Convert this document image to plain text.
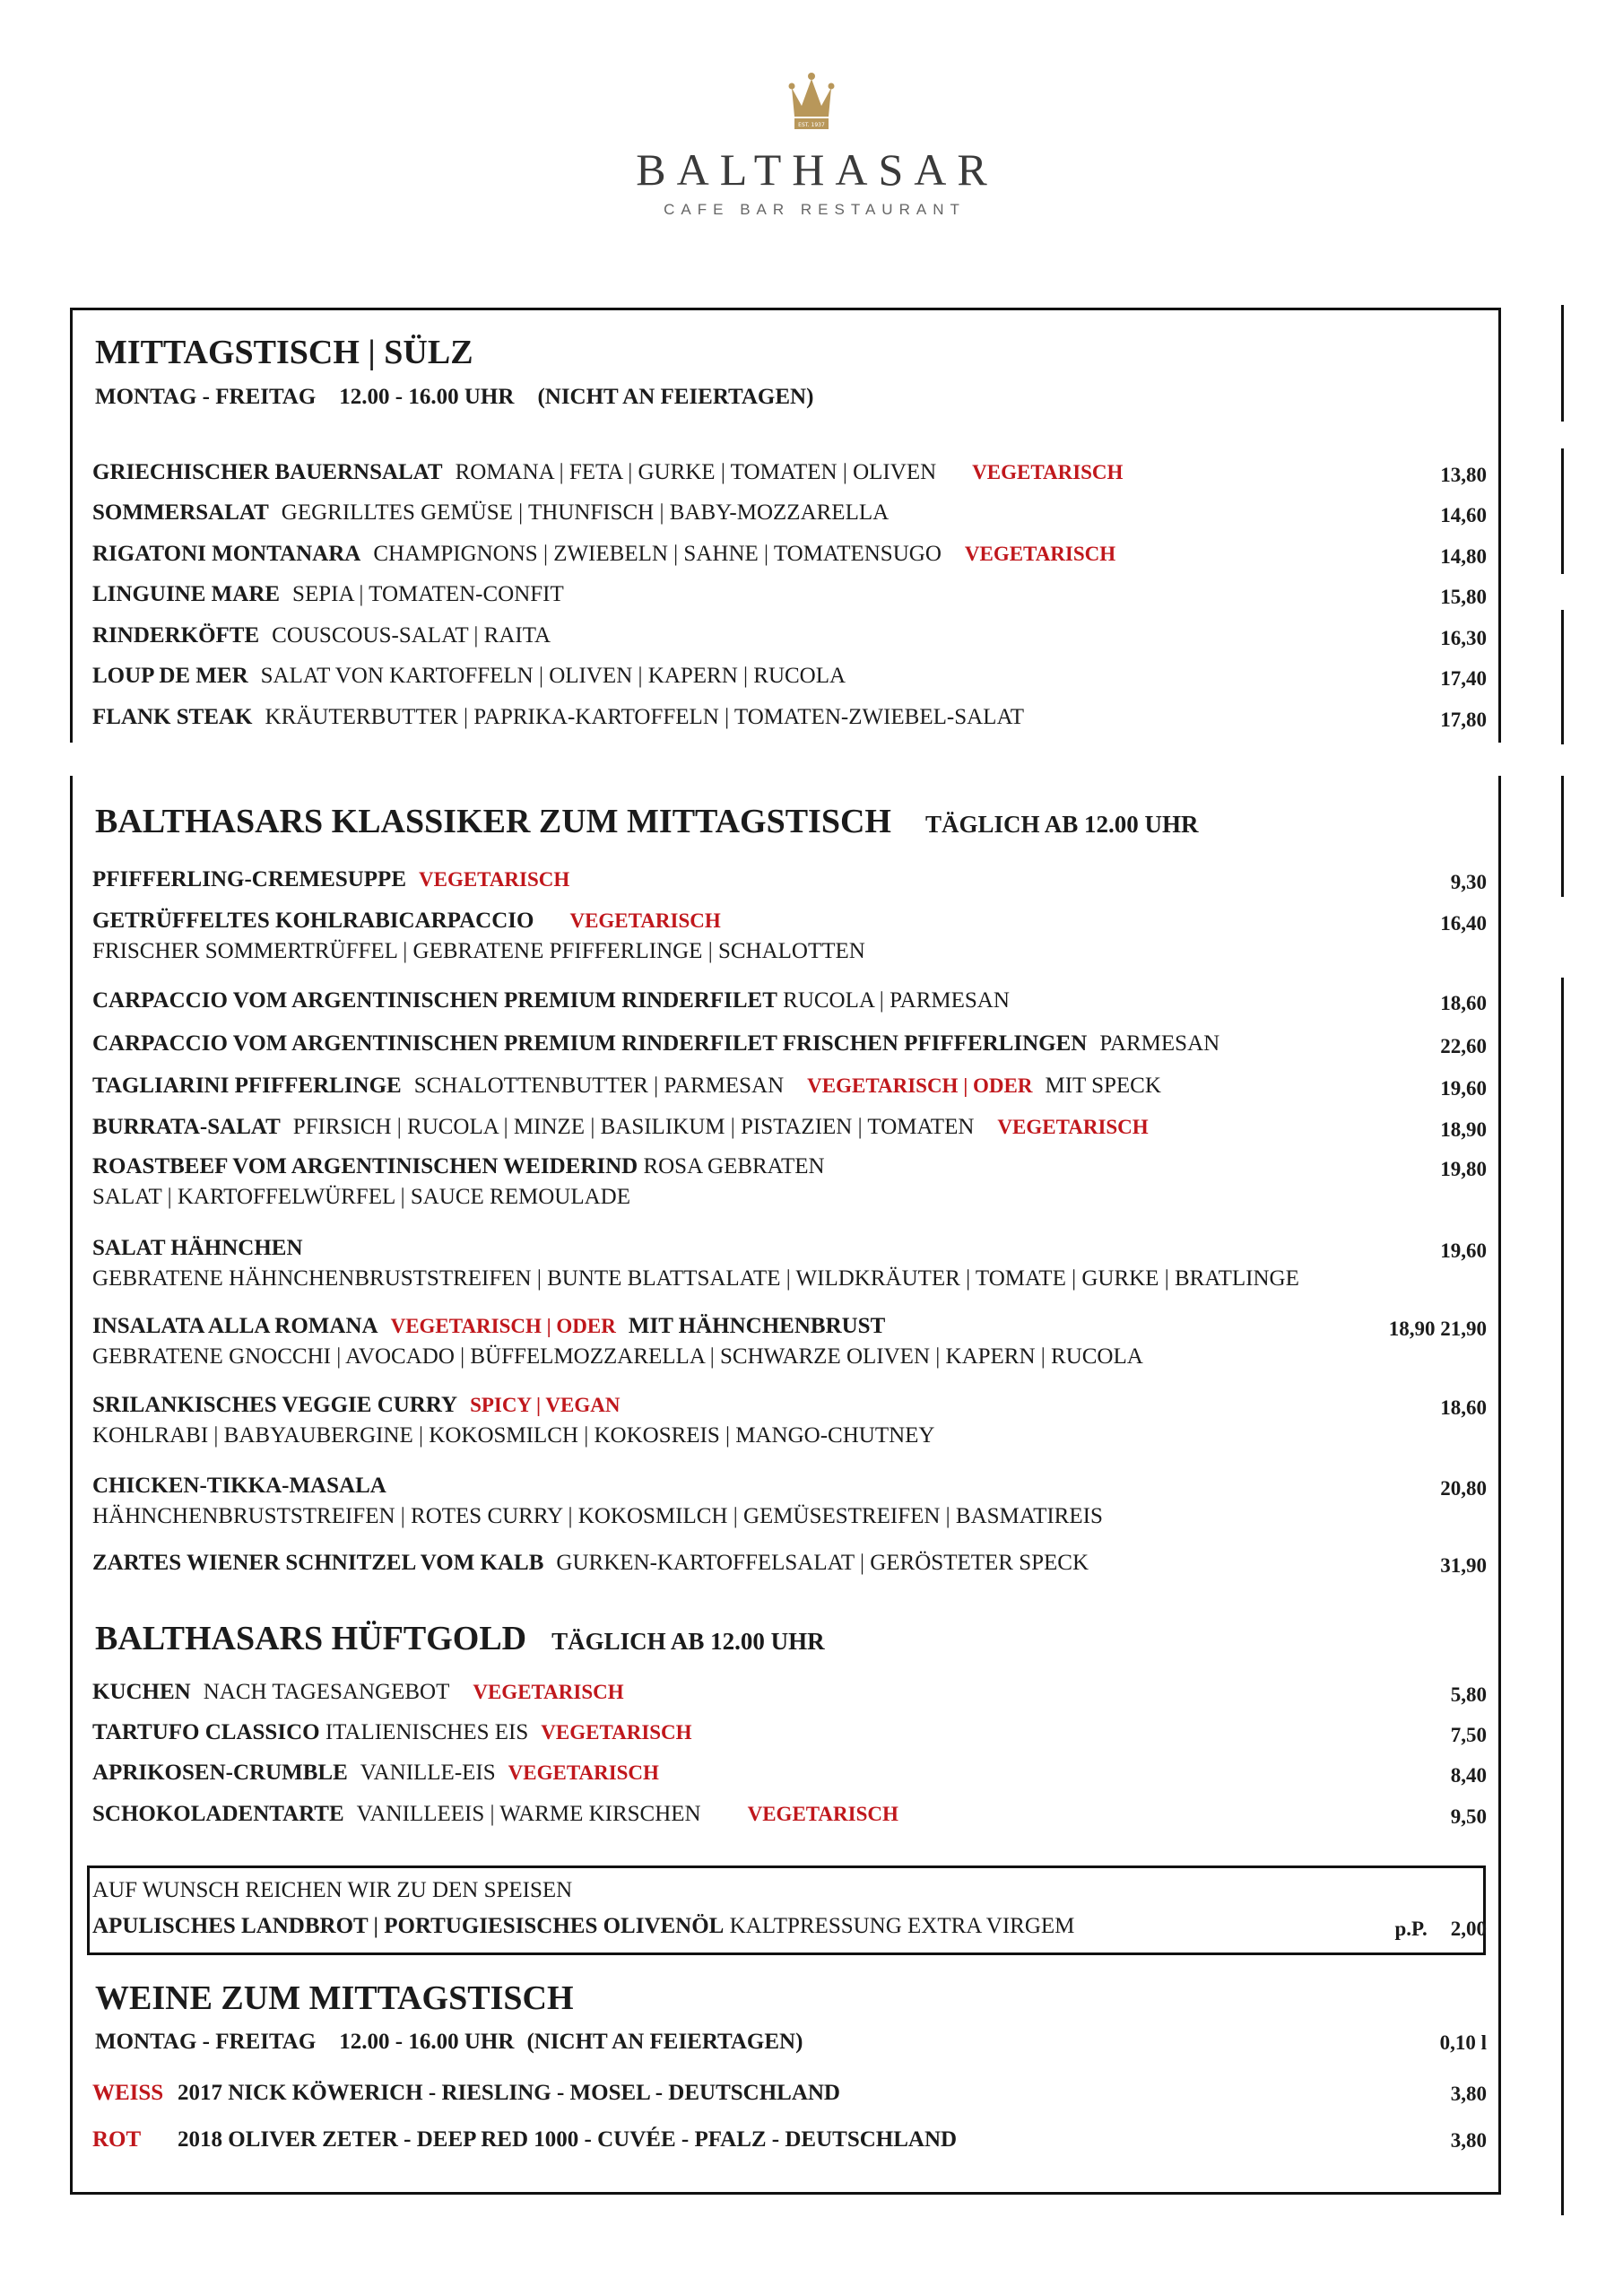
EST. 1937
BALTHASAR
CAFE BAR RESTAURANT
MITTAGSTISCH | SÜLZ
MONTAG - FREITAG 12.00 - 16.00 UHR (NICHT AN FEIERTAGEN)
GRIECHISCHER BAUERNSALAT ROMANA | FETA | GURKE | TOMATEN | OLIVEN VEGETARISCH	13,80
SOMMERSALAT GEGRILLTES GEMÜSE | THUNFISCH | BABY-MOZZARELLA	14,60
RIGATONI MONTANARA CHAMPIGNONS | ZWIEBELN | SAHNE | TOMATENSUGO VEGETARISCH	14,80
LINGUINE MARE SEPIA | TOMATEN-CONFIT	15,80
RINDERKÖFTE COUSCOUS-SALAT | RAITA	16,30
LOUP DE MER SALAT VON KARTOFFELN | OLIVEN | KAPERN | RUCOLA	17,40
FLANK STEAK KRÄUTERBUTTER | PAPRIKA-KARTOFFELN | TOMATEN-ZWIEBEL-SALAT	17,80
BALTHASARS KLASSIKER ZUM MITTAGSTISCH TÄGLICH AB 12.00 UHR
PFIFFERLING-CREMESUPPE VEGETARISCH	9,30
GETRÜFFELTES KOHLRABICARPACCIO VEGETARISCH	16,40
FRISCHER SOMMERTRÜFFEL | GEBRATENE PFIFFERLINGE | SCHALOTTEN
CARPACCIO VOM ARGENTINISCHEN PREMIUM RINDERFILET RUCOLA | PARMESAN	18,60
CARPACCIO VOM ARGENTINISCHEN PREMIUM RINDERFILET FRISCHEN PFIFFERLINGEN PARMESAN	22,60
TAGLIARINI PFIFFERLINGE SCHALOTTENBUTTER | PARMESAN VEGETARISCH | ODER MIT SPECK	19,60
BURRATA-SALAT PFIRSICH | RUCOLA | MINZE | BASILIKUM | PISTAZIEN | TOMATEN VEGETARISCH	18,90
ROASTBEEF VOM ARGENTINISCHEN WEIDERIND ROSA GEBRATEN	19,80
SALAT | KARTOFFELWÜRFEL | SAUCE REMOULADE
SALAT HÄHNCHEN	19,60
GEBRATENE HÄHNCHENBRUSTSTREIFEN | BUNTE BLATTSALATE | WILDKRÄUTER | TOMATE | GURKE | BRATLINGE
INSALATA ALLA ROMANA VEGETARISCH | ODER MIT HÄHNCHENBRUST	18,90 21,90
GEBRATENE GNOCCHI | AVOCADO | BÜFFELMOZZARELLA | SCHWARZE OLIVEN | KAPERN | RUCOLA
SRILANKISCHES VEGGIE CURRY SPICY | VEGAN	18,60
KOHLRABI | BABYAUBERGINE | KOKOSMILCH | KOKOSREIS | MANGO-CHUTNEY
CHICKEN-TIKKA-MASALA	20,80
HÄHNCHENBRUSTSTREIFEN | ROTES CURRY | KOKOSMILCH | GEMÜSESTREIFEN | BASMATIREIS
ZARTES WIENER SCHNITZEL VOM KALB GURKEN-KARTOFFELSALAT | GERÖSTETER SPECK	31,90
BALTHASARS HÜFTGOLD TÄGLICH AB 12.00 UHR
KUCHEN NACH TAGESANGEBOT VEGETARISCH	5,80
TARTUFO CLASSICO ITALIENISCHES EIS VEGETARISCH	7,50
APRIKOSEN-CRUMBLE VANILLE-EIS VEGETARISCH	8,40
SCHOKOLADENTARTE VANILLEEIS | WARME KIRSCHEN VEGETARISCH	9,50
AUF WUNSCH REICHEN WIR ZU DEN SPEISEN
APULISCHES LANDBROT | PORTUGIESISCHES OLIVENÖL KALTPRESSUNG EXTRA VIRGEM	p.P. 2,00
WEINE ZUM MITTAGSTISCH
MONTAG - FREITAG 12.00 - 16.00 UHR (NICHT AN FEIERTAGEN)	0,10 l
WEISS 2017 NICK KÖWERICH - RIESLING - MOSEL - DEUTSCHLAND	3,80
ROT 2018 OLIVER ZETER - DEEP RED 1000 - CUVÉE - PFALZ - DEUTSCHLAND	3,80
